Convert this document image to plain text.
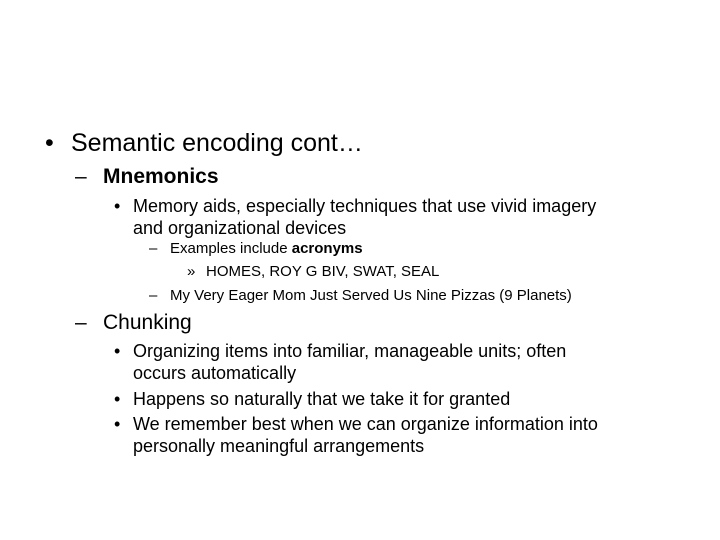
• Semantic encoding cont…
– Mnemonics
• Memory aids, especially techniques that use vivid imagery
and organizational devices
– Examples include acronyms
» HOMES, ROY G BIV, SWAT, SEAL
– My Very Eager Mom Just Served Us Nine Pizzas (9 Planets)
– Chunking
• Organizing items into familiar, manageable units; often
occurs automatically
• Happens so naturally that we take it for granted
• We remember best when we can organize information into
personally meaningful arrangements
